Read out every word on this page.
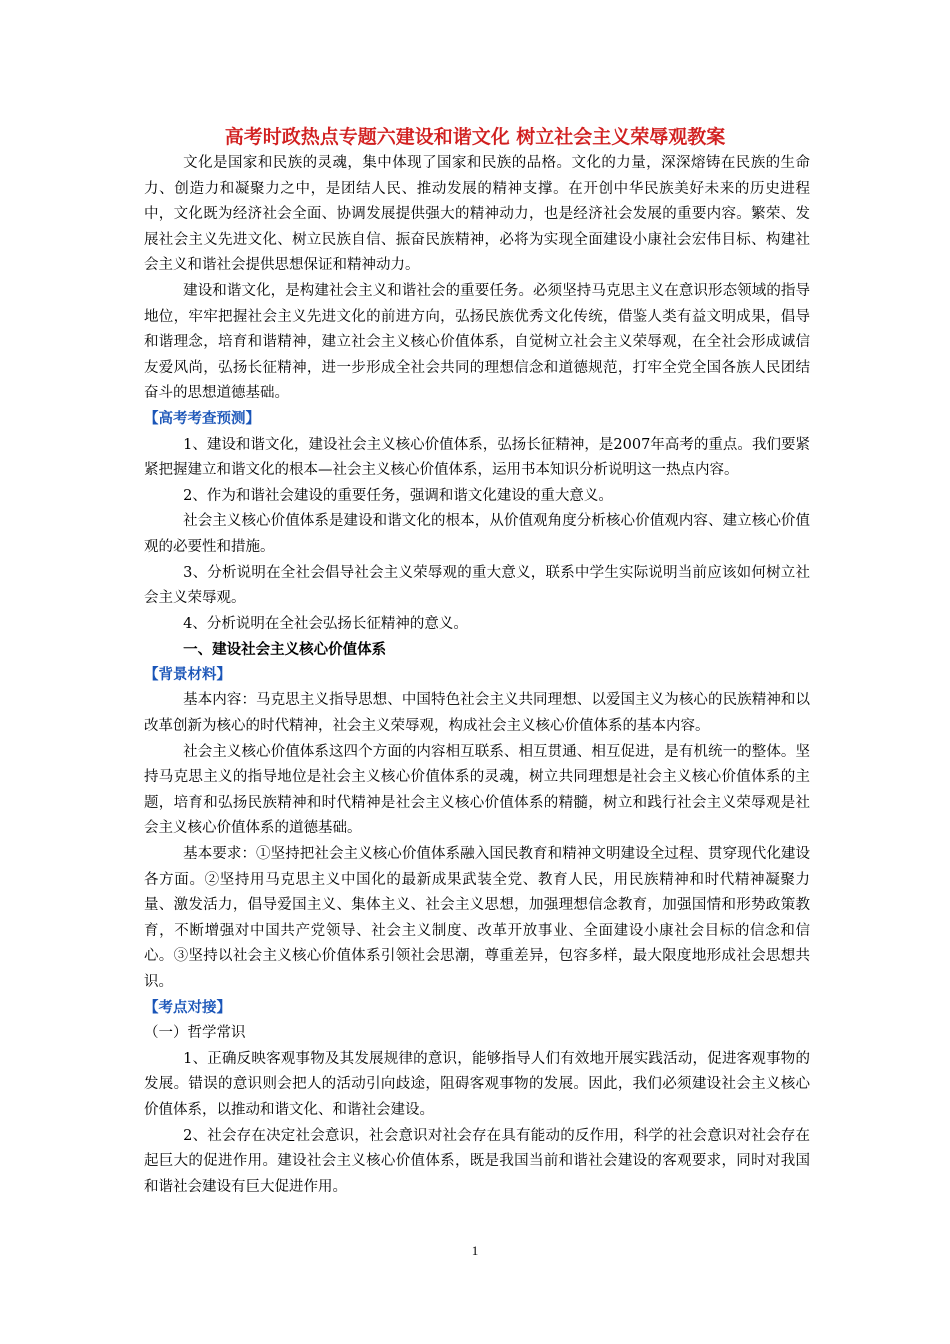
高考时政热点专题六建设和谐文化 树立社会主义荣辱观教案

文化是国家和民族的灵魂，集中体现了国家和民族的品格。文化的力量，深深熔铸在民族的生命力、创造力和凝聚力之中，是团结人民、推动发展的精神支撑。在开创中华民族美好未来的历史进程中，文化既为经济社会全面、协调发展提供强大的精神动力，也是经济社会发展的重要内容。繁荣、发展社会主义先进文化、树立民族自信、振奋民族精神，必将为实现全面建设小康社会宏伟目标、构建社会主义和谐社会提供思想保证和精神动力。

建设和谐文化，是构建社会主义和谐社会的重要任务。必须坚持马克思主义在意识形态领域的指导地位，牢牢把握社会主义先进文化的前进方向，弘扬民族优秀文化传统，借鉴人类有益文明成果，倡导和谐理念，培育和谐精神，建立社会主义核心价值体系，自觉树立社会主义荣辱观，在全社会形成诚信友爱风尚，弘扬长征精神，进一步形成全社会共同的理想信念和道德规范，打牢全党全国各族人民团结奋斗的思想道德基础。

【高考考查预测】

1、建设和谐文化，建设社会主义核心价值体系，弘扬长征精神，是2007年高考的重点。我们要紧紧把握建立和谐文化的根本—社会主义核心价值体系，运用书本知识分析说明这一热点内容。

2、作为和谐社会建设的重要任务，强调和谐文化建设的重大意义。

社会主义核心价值体系是建设和谐文化的根本，从价值观角度分析核心价值观内容、建立核心价值观的必要性和措施。

3、分析说明在全社会倡导社会主义荣辱观的重大意义，联系中学生实际说明当前应该如何树立社会主义荣辱观。

4、分析说明在全社会弘扬长征精神的意义。

一、建设社会主义核心价值体系

【背景材料】

基本内容：马克思主义指导思想、中国特色社会主义共同理想、以爱国主义为核心的民族精神和以改革创新为核心的时代精神，社会主义荣辱观，构成社会主义核心价值体系的基本内容。

社会主义核心价值体系这四个方面的内容相互联系、相互贯通、相互促进，是有机统一的整体。坚持马克思主义的指导地位是社会主义核心价值体系的灵魂，树立共同理想是社会主义核心价值体系的主题，培育和弘扬民族精神和时代精神是社会主义核心价值体系的精髓，树立和践行社会主义荣辱观是社会主义核心价值体系的道德基础。

基本要求：①坚持把社会主义核心价值体系融入国民教育和精神文明建设全过程、贯穿现代化建设各方面。②坚持用马克思主义中国化的最新成果武装全党、教育人民，用民族精神和时代精神凝聚力量、激发活力，倡导爱国主义、集体主义、社会主义思想，加强理想信念教育，加强国情和形势政策教育，不断增强对中国共产党领导、社会主义制度、改革开放事业、全面建设小康社会目标的信念和信心。③坚持以社会主义核心价值体系引领社会思潮，尊重差异，包容多样，最大限度地形成社会思想共识。

【考点对接】

（一）哲学常识

1、正确反映客观事物及其发展规律的意识，能够指导人们有效地开展实践活动，促进客观事物的发展。错误的意识则会把人的活动引向歧途，阻碍客观事物的发展。因此，我们必须建设社会主义核心价值体系，以推动和谐文化、和谐社会建设。

2、社会存在决定社会意识，社会意识对社会存在具有能动的反作用，科学的社会意识对社会存在起巨大的促进作用。建设社会主义核心价值体系，既是我国当前和谐社会建设的客观要求，同时对我国和谐社会建设有巨大促进作用。

1
